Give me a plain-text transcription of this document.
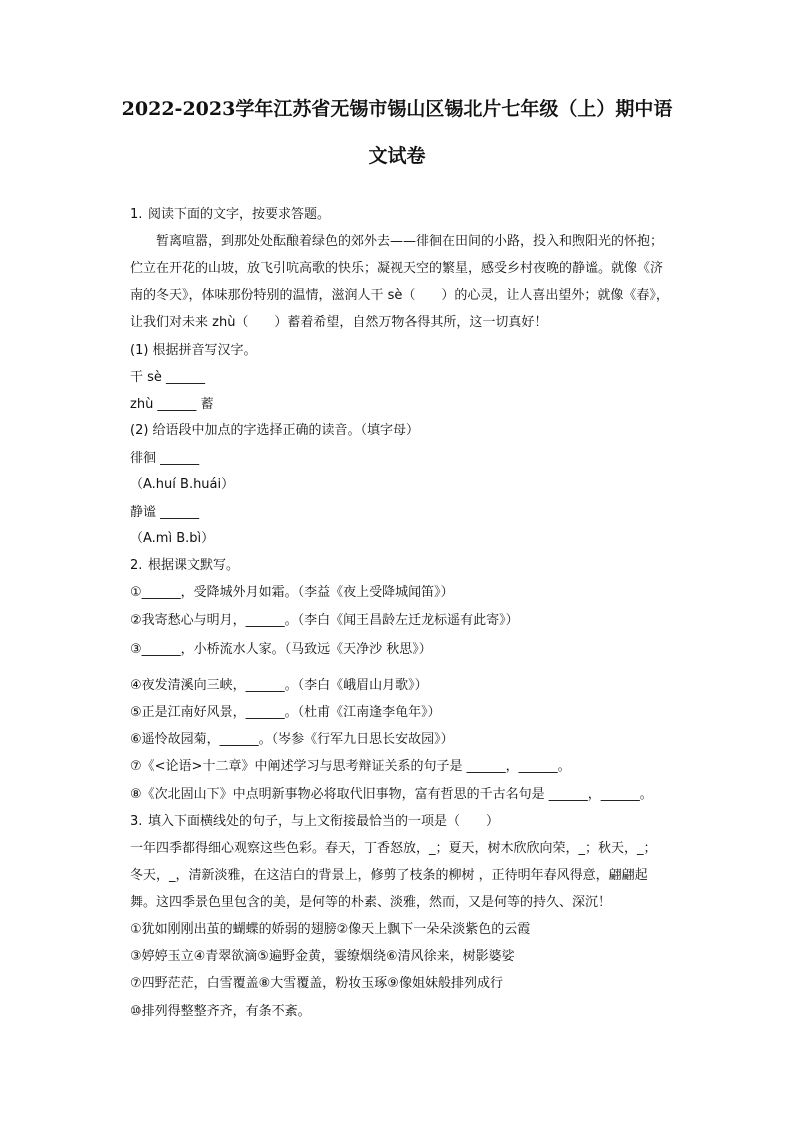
2022-2023学年江苏省无锡市锡山区锡北片七年级（上）期中语
文试卷
1. 阅读下面的文字，按要求答题。
暂离喧嚣，到那处处酝酿着绿色的郊外去——徘徊在田间的小路，投入和煦阳光的怀抱；
伫立在开花的山坡，放飞引吭高歌的快乐；凝视天空的繁星，感受乡村夜晚的静谧。就像《济
南的冬天》，体味那份特别的温情，滋润人干 sè（　　）的心灵，让人喜出望外；就像《春》，
让我们对未来 zhù（　　）蓄着希望，自然万物各得其所，这一切真好！
(1) 根据拼音写汉字。
干 sè ______
zhù ______ 蓄
(2) 给语段中加点的字选择正确的读音。（填字母）
徘徊 ______
（A.huí B.huái）
静谧 ______
（A.mì B.bì）
2. 根据课文默写。
①______，受降城外月如霜。（李益《夜上受降城闻笛》）
②我寄愁心与明月，______。（李白《闻王昌龄左迁龙标遥有此寄》）
③______，小桥流水人家。（马致远《天净沙 秋思》）
④夜发清溪向三峡，______。（李白《峨眉山月歌》）
⑤正是江南好风景，______。（杜甫《江南逢李龟年》）
⑥遥怜故园菊，______。（岑参《行军九日思长安故园》）
⑦《<论语>十二章》中阐述学习与思考辩证关系的句子是 ______，______。
⑧《次北固山下》中点明新事物必将取代旧事物，富有哲思的千古名句是 ______，______。
3. 填入下面横线处的句子，与上文衔接最恰当的一项是（　　）
一年四季都得细心观察这些色彩。春天，丁香怒放，_；夏天，树木欣欣向荣，_；秋天，_；
冬天，_，清新淡雅，在这洁白的背景上，修剪了枝条的柳树 ，正待明年春风得意，翩翩起
舞。这四季景色里包含的美，是何等的朴素、淡雅，然而，又是何等的持久、深沉！
①犹如刚刚出茧的蝴蝶的娇弱的翅膀②像天上飘下一朵朵淡紫色的云霞
③婷婷玉立④青翠欲滴⑤遍野金黄，霎缭烟绕⑥清风徐来，树影婆娑
⑦四野茫茫，白雪覆盖⑧大雪覆盖，粉妆玉琢⑨像姐妹般排列成行
⑩排列得整整齐齐，有条不紊。
